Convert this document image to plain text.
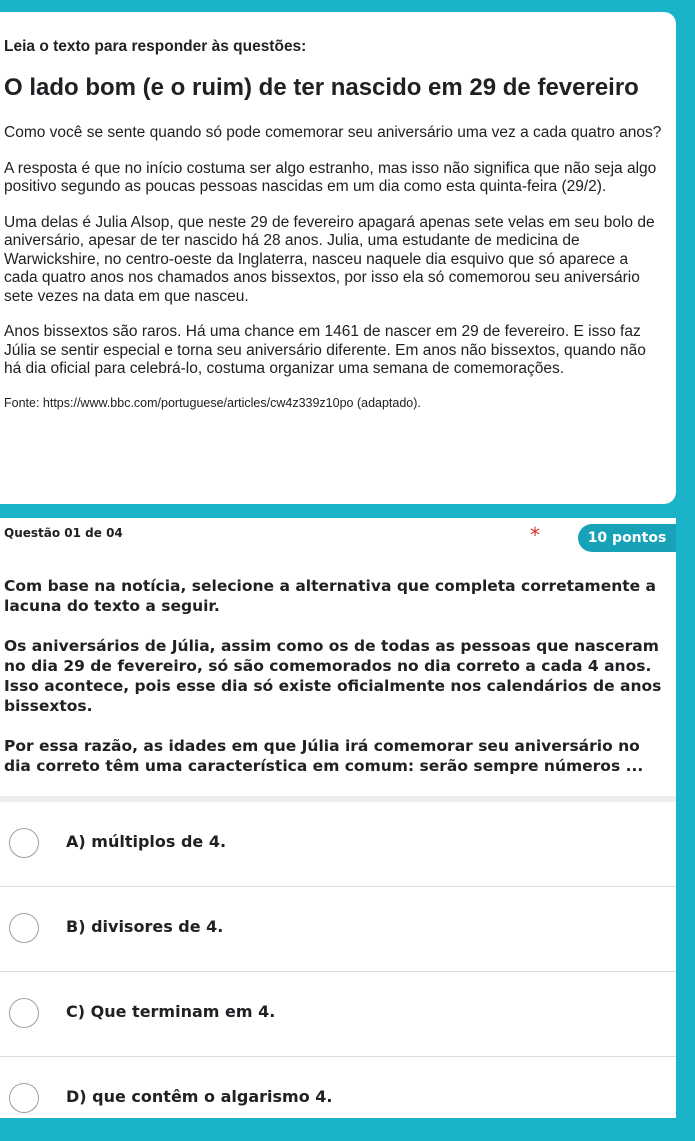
Leia o texto para responder às questões:

O lado bom (e o ruim) de ter nascido em 29 de fevereiro

Como você se sente quando só pode comemorar seu aniversário uma vez a cada quatro anos?

A resposta é que no início costuma ser algo estranho, mas isso não significa que não seja algo positivo segundo as poucas pessoas nascidas em um dia como esta quinta-feira (29/2).

Uma delas é Julia Alsop, que neste 29 de fevereiro apagará apenas sete velas em seu bolo de aniversário, apesar de ter nascido há 28 anos. Julia, uma estudante de medicina de Warwickshire, no centro-oeste da Inglaterra, nasceu naquele dia esquivo que só aparece a cada quatro anos nos chamados anos bissextos, por isso ela só comemorou seu aniversário sete vezes na data em que nasceu.

Anos bissextos são raros. Há uma chance em 1461 de nascer em 29 de fevereiro. E isso faz Júlia se sentir especial e torna seu aniversário diferente. Em anos não bissextos, quando não há dia oficial para celebrá-lo, costuma organizar uma semana de comemorações.

Fonte: https://www.bbc.com/portuguese/articles/cw4z339z10po (adaptado).

Questão 01 de 04	*	10 pontos

Com base na notícia, selecione a alternativa que completa corretamente a lacuna do texto a seguir.

Os aniversários de Júlia, assim como os de todas as pessoas que nasceram no dia 29 de fevereiro, só são comemorados no dia correto a cada 4 anos. Isso acontece, pois esse dia só existe oficialmente nos calendários de anos bissextos.

Por essa razão, as idades em que Júlia irá comemorar seu aniversário no dia correto têm uma característica em comum: serão sempre números ...

A) múltiplos de 4.
B) divisores de 4.
C) Que terminam em 4.
D) que contêm o algarismo 4.
